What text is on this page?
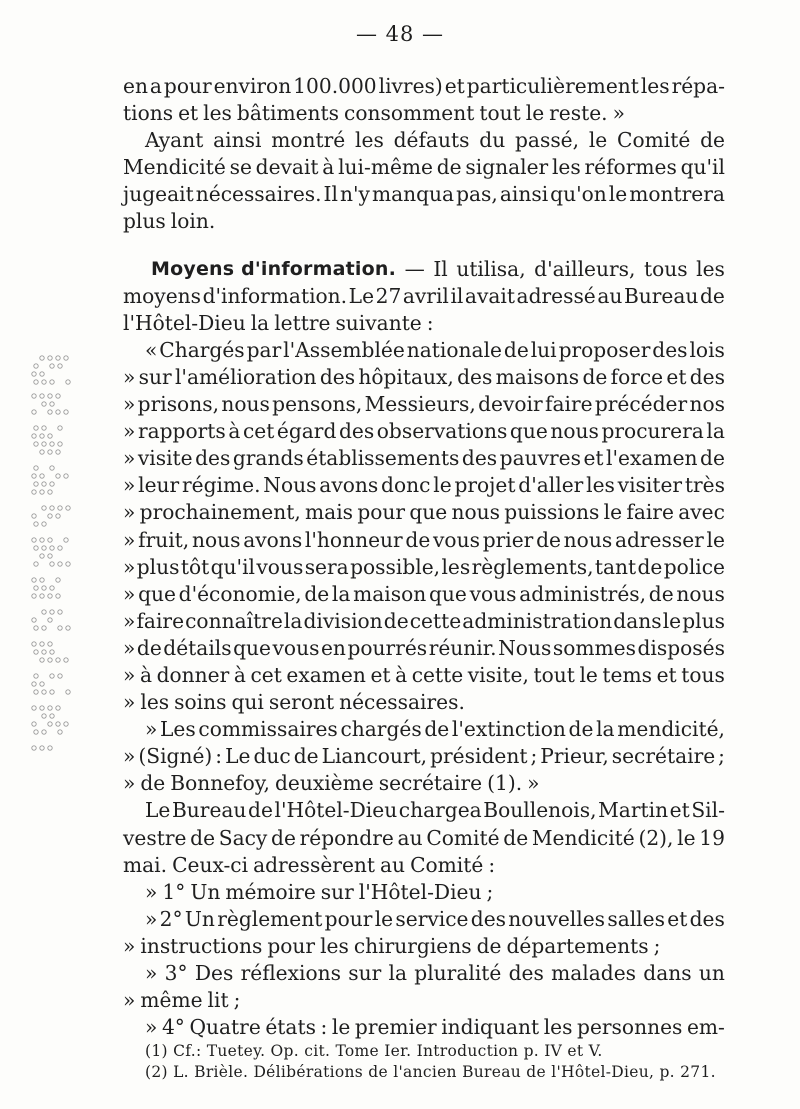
— 48 —
en a pour environ 100.000 livres) et particulièrement les répa-
tions et les bâtiments consomment tout le reste. »
Ayant ainsi montré les défauts du passé, le Comité de
Mendicité se devait à lui-même de signaler les réformes qu'il
jugeait nécessaires. Il n'y manqua pas, ainsi qu'on le montrera
plus loin.
Moyens d'information. — Il utilisa, d'ailleurs, tous les
moyens d'information. Le 27 avril il avait adressé au Bureau de
l'Hôtel-Dieu la lettre suivante :
« Chargés par l'Assemblée nationale de lui proposer des lois
» sur l'amélioration des hôpitaux, des maisons de force et des
» prisons, nous pensons, Messieurs, devoir faire précéder nos
» rapports à cet égard des observations que nous procurera la
» visite des grands établissements des pauvres et l'examen de
» leur régime. Nous avons donc le projet d'aller les visiter très
» prochainement, mais pour que nous puissions le faire avec
» fruit, nous avons l'honneur de vous prier de nous adresser le
» plus tôt qu'il vous sera possible, les règlements, tant de police
» que d'économie, de la maison que vous administrés, de nous
» faire connaître la division de cette administration dans le plus
» de détails que vous en pourrés réunir. Nous sommes disposés
» à donner à cet examen et à cette visite, tout le tems et tous
» les soins qui seront nécessaires.
» Les commissaires chargés de l'extinction de la mendicité,
» (Signé) : Le duc de Liancourt, président ; Prieur, secrétaire ;
» de Bonnefoy, deuxième secrétaire (1). »
Le Bureau de l'Hôtel-Dieu chargea Boullenois, Martin et Sil-
vestre de Sacy de répondre au Comité de Mendicité (2), le 19
mai. Ceux-ci adressèrent au Comité :
» 1° Un mémoire sur l'Hôtel-Dieu ;
» 2° Un règlement pour le service des nouvelles salles et des
» instructions pour les chirurgiens de départements ;
» 3° Des réflexions sur la pluralité des malades dans un
» même lit ;
» 4° Quatre états : le premier indiquant les personnes em-
(1) Cf.: Tuetey. Op. cit. Tome Ier. Introduction p. IV et V.
(2) L. Brièle. Délibérations de l'ancien Bureau de l'Hôtel-Dieu, p. 271.
